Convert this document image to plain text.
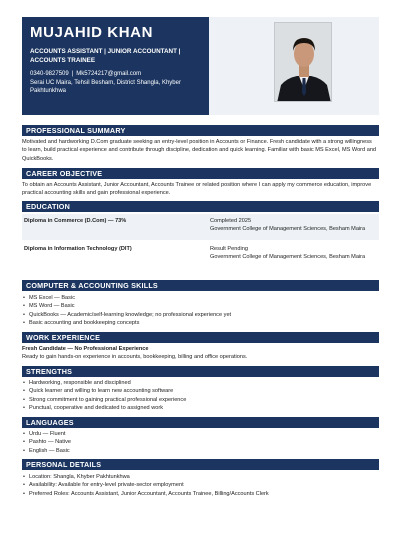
MUJAHID KHAN
ACCOUNTS ASSISTANT | JUNIOR ACCOUNTANT |
ACCOUNTS TRAINEE
0340-9827509 | Mk5724217@gmail.com
Serai UC Maira, Tehsil Besham, District Shangla, Khyber Pakhtunkhwa
PROFESSIONAL SUMMARY
Motivated and hardworking D.Com graduate seeking an entry-level position in Accounts or Finance. Fresh candidate with a strong willingness to learn, build practical experience and contribute through discipline, dedication and quick learning. Familiar with basic MS Excel, MS Word and QuickBooks.
CAREER OBJECTIVE
To obtain an Accounts Assistant, Junior Accountant, Accounts Trainee or related position where I can apply my commerce education, improve practical accounting skills and gain professional experience.
EDUCATION
Diploma in Commerce (D.Com) — 73%	Completed 2025
Government College of Management Sciences, Besham Maira
Diploma in Information Technology (DIT)	Result Pending
Government College of Management Sciences, Besham Maira
COMPUTER & ACCOUNTING SKILLS
• MS Excel — Basic
• MS Word — Basic
• QuickBooks — Academic/self-learning knowledge; no professional experience yet
• Basic accounting and bookkeeping concepts
WORK EXPERIENCE
Fresh Candidate — No Professional Experience
Ready to gain hands-on experience in accounts, bookkeeping, billing and office operations.
STRENGTHS
• Hardworking, responsible and disciplined
• Quick learner and willing to learn new accounting software
• Strong commitment to gaining practical professional experience
• Punctual, cooperative and dedicated to assigned work
LANGUAGES
• Urdu — Fluent
• Pashto — Native
• English — Basic
PERSONAL DETAILS
• Location: Shangla, Khyber Pakhtunkhwa
• Availability: Available for entry-level private-sector employment
• Preferred Roles: Accounts Assistant, Junior Accountant, Accounts Trainee, Billing/Accounts Clerk
